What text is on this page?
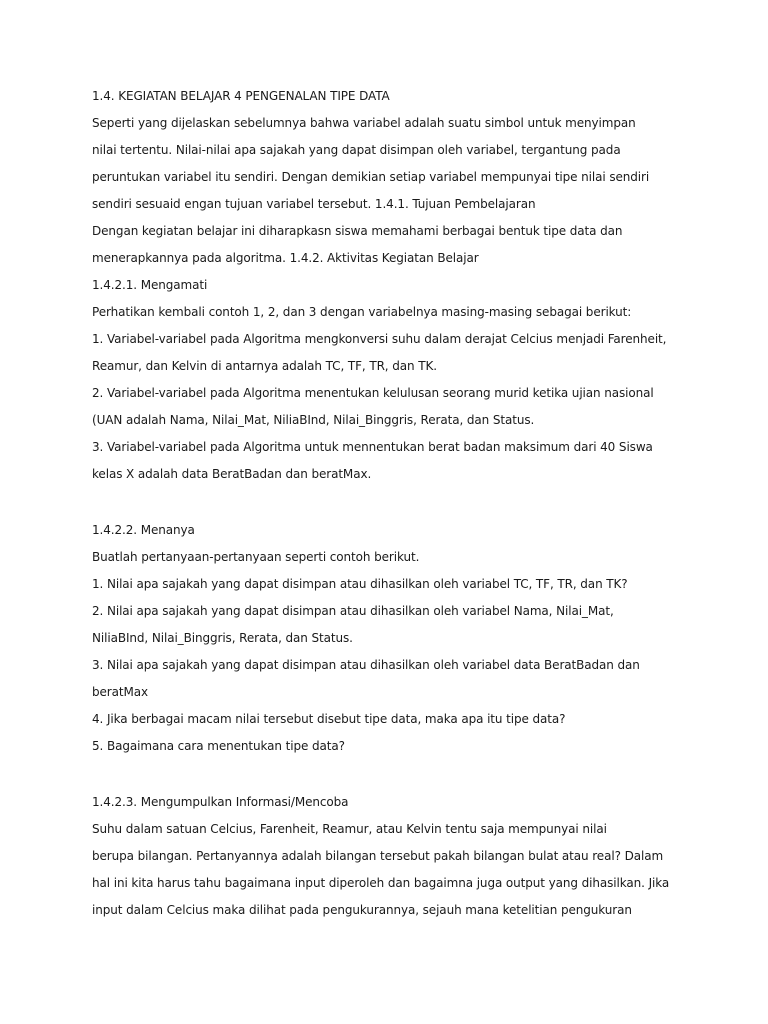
1.4. KEGIATAN BELAJAR 4 PENGENALAN TIPE DATA
Seperti yang dijelaskan sebelumnya bahwa variabel adalah suatu simbol untuk menyimpan
nilai tertentu. Nilai-nilai apa sajakah yang dapat disimpan oleh variabel, tergantung pada
peruntukan variabel itu sendiri. Dengan demikian setiap variabel mempunyai tipe nilai sendiri
sendiri sesuaid engan tujuan variabel tersebut. 1.4.1. Tujuan Pembelajaran
Dengan kegiatan belajar ini diharapkasn siswa memahami berbagai bentuk tipe data dan
menerapkannya pada algoritma. 1.4.2. Aktivitas Kegiatan Belajar
1.4.2.1. Mengamati
Perhatikan kembali contoh 1, 2, dan 3 dengan variabelnya masing-masing sebagai berikut:
1. Variabel-variabel pada Algoritma mengkonversi suhu dalam derajat Celcius menjadi Farenheit,
Reamur, dan Kelvin di antarnya adalah TC, TF, TR, dan TK.
2. Variabel-variabel pada Algoritma menentukan kelulusan seorang murid ketika ujian nasional
(UAN adalah Nama, Nilai_Mat, NiliaBInd, Nilai_Binggris, Rerata, dan Status.
3. Variabel-variabel pada Algoritma untuk mennentukan berat badan maksimum dari 40 Siswa
kelas X adalah data BeratBadan dan beratMax.
1.4.2.2. Menanya
Buatlah pertanyaan-pertanyaan seperti contoh berikut.
1. Nilai apa sajakah yang dapat disimpan atau dihasilkan oleh variabel TC, TF, TR, dan TK?
2. Nilai apa sajakah yang dapat disimpan atau dihasilkan oleh variabel Nama, Nilai_Mat,
NiliaBInd, Nilai_Binggris, Rerata, dan Status.
3. Nilai apa sajakah yang dapat disimpan atau dihasilkan oleh variabel data BeratBadan dan
beratMax
4. Jika berbagai macam nilai tersebut disebut tipe data, maka apa itu tipe data?
5. Bagaimana cara menentukan tipe data?
1.4.2.3. Mengumpulkan Informasi/Mencoba
Suhu dalam satuan Celcius, Farenheit, Reamur, atau Kelvin tentu saja mempunyai nilai
berupa bilangan. Pertanyannya adalah bilangan tersebut pakah bilangan bulat atau real? Dalam
hal ini kita harus tahu bagaimana input diperoleh dan bagaimna juga output yang dihasilkan. Jika
input dalam Celcius maka dilihat pada pengukurannya, sejauh mana ketelitian pengukuran
